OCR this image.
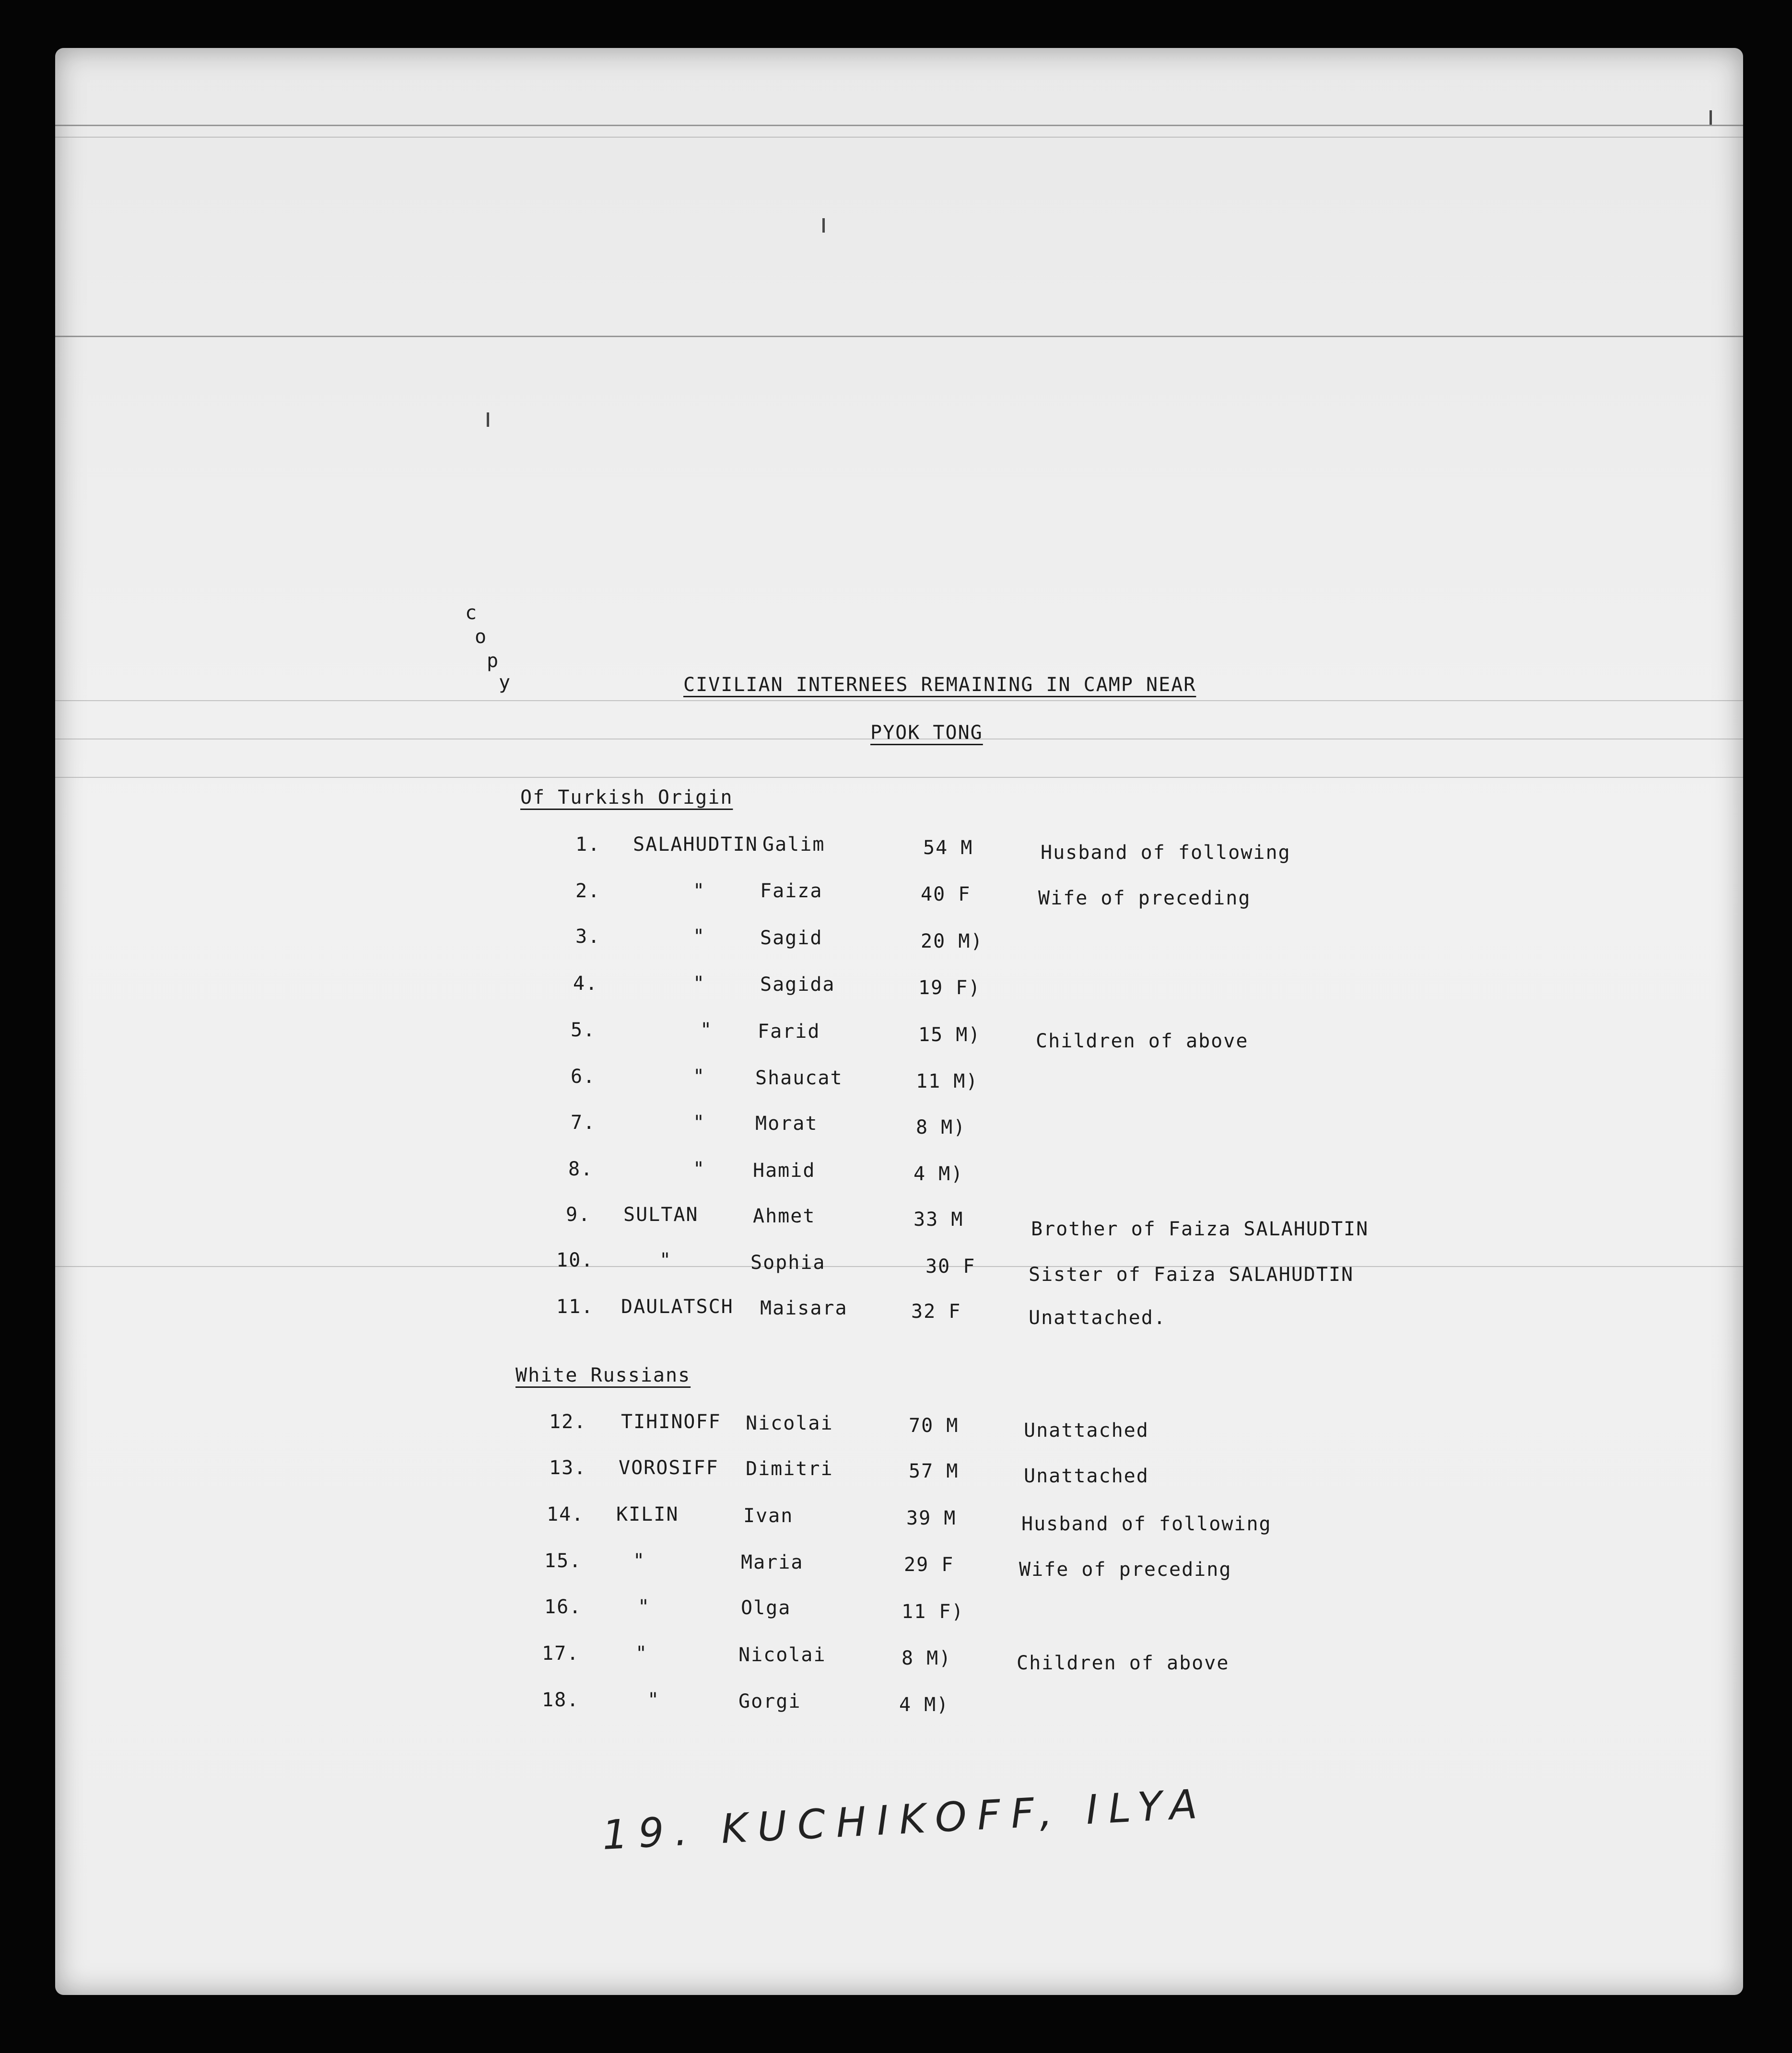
c
o
p
y	CIVILIAN INTERNEES REMAINING IN CAMP NEAR
PYOK TONG
Of Turkish Origin
1. SALAHUDTIN Galim	54 M	Husband of following
2.	"	Faiza	40 F	Wife of preceding
3.	"	Sagid	20 M)
4.	"	Sagida	19 F)
5.	" Farid	15 M)	Children of above
6.	"	Shaucat	11 M)
7.	"	Morat	8 M)
8.	" Hamid	4 M)
9. SULTAN	Ahmet	33 M	Brother of Faiza SALAHUDTIN
10.	"	Sophia	30 F	Sister of Faiza SALAHUDTIN
11. DAULATSCH Maisara	32 F	Unattached.
White Russians
12. TIHINOFF Nicolai	70 M	Unattached
13. VOROSIFF Dimitri	57 M	Unattached
14. KILIN	Ivan	39 M	Husband of following
15.	"	Maria	29 F	Wife of preceding
16.	"	Olga	11 F)
17.	"	Nicolai	8 M)	Children of above
18.	"	Gorgi	4 M)
19. KUCHIKOFF, ILYA
